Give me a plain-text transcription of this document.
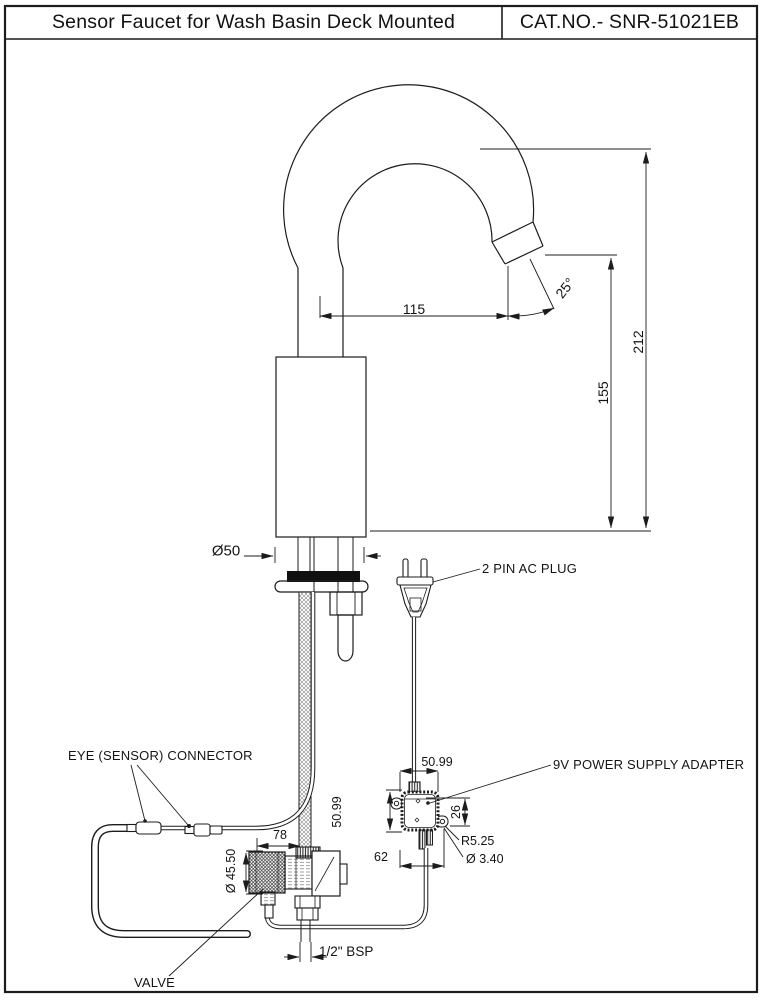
Sensor Faucet for Wash Basin Deck Mounted	CAT.NO.- SNR-51021EB
115
25°
212
155
Ø50
50.99
50.99
26
62
78
Ø 45.50
R5.25
Ø 3.40
1/2" BSP
2 PIN AC PLUG
EYE (SENSOR) CONNECTOR
9V POWER SUPPLY ADAPTER
VALVE
